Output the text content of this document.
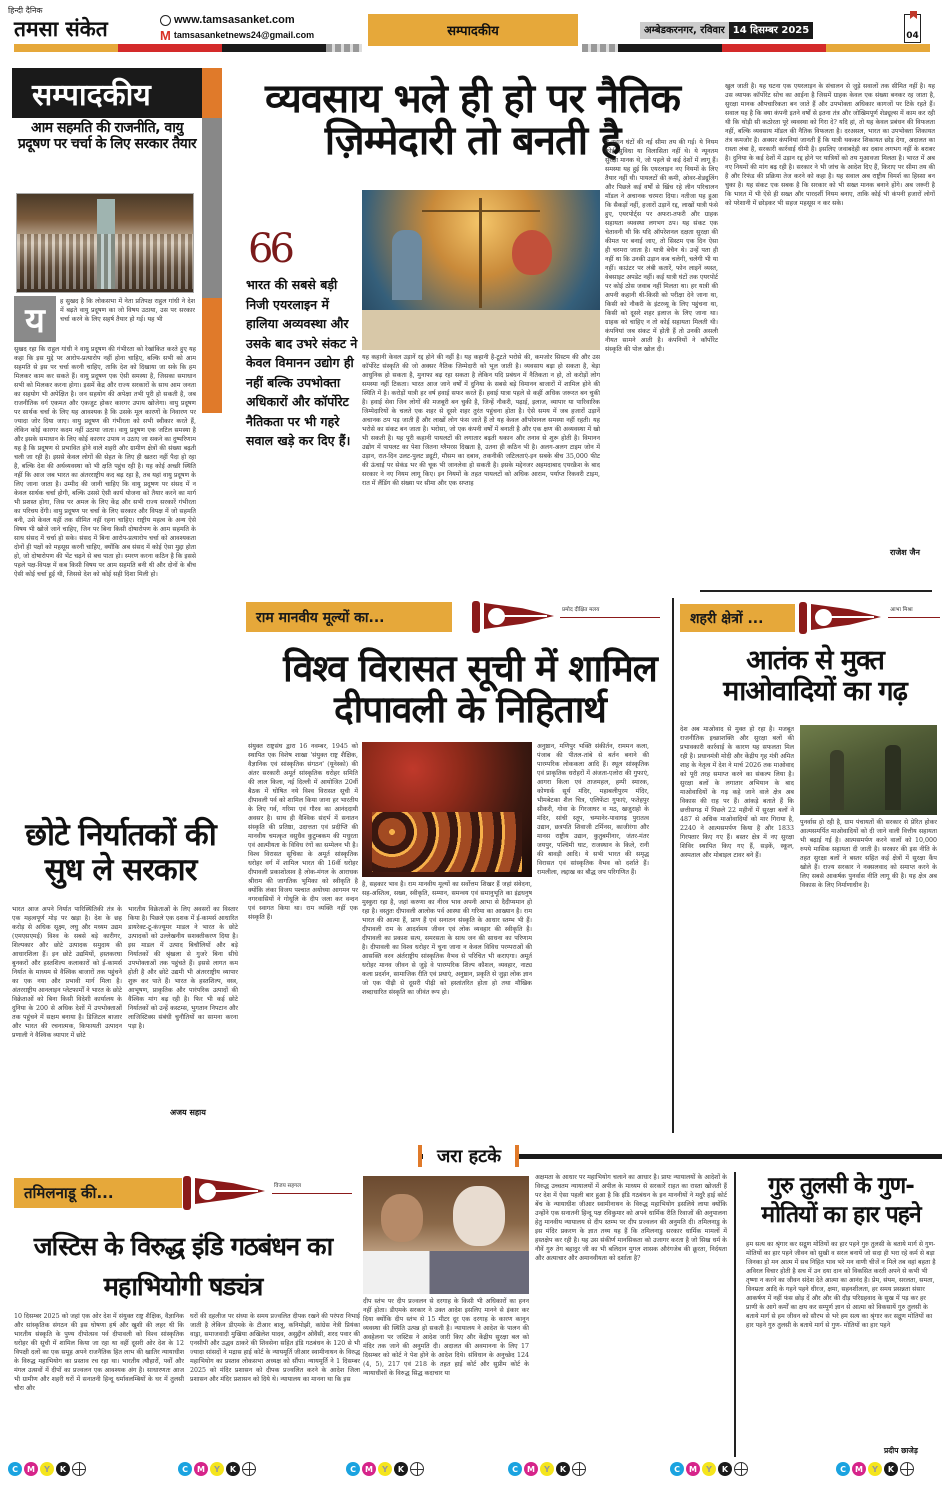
हिन्दी दैनिक
तमसा संकेत	www.tamsasanket.com
M tamsasanketnews24@gmail.com	सम्पादकीय	अम्बेडकरनगर, रविवार 14 दिसम्बर 2025	04
सम्पादकीय
आम सहमति की राजनीति, वायु प्रदूषण पर चर्चा के लिए सरकार तैयार
य	ह सुखद है कि लोकसभा में नेता प्रतिपक्ष राहुल गांधी ने देश में बढ़ते वायु प्रदूषण का जो विषय उठाया, उस पर सरकार चर्चा करने के लिए सहर्ष तैयार हो गई। यह भी
सुखद रहा कि राहुल गांधी ने वायु प्रदूषण की गंभीरता को रेखांकित करते हुए यह कहा कि इस मुद्दे पर आरोप-प्रत्यारोप नहीं होना चाहिए, बल्कि सभी को आम सहमति से इस पर चर्चा करनी चाहिए, ताकि देश को दिखाया जा सके कि हम मिलकर काम कर सकते हैं। वायु प्रदूषण एक ऐसी समस्या है, जिसका समाधान सभी को मिलकर करना होगा। इसमें केंद्र और राज्य सरकारों के साथ आम जनता का सहयोग भी अपेक्षित है। जन सहयोग की अपेक्षा तभी पूरी हो सकती है, जब राजनीतिक वर्ग एकमत और एकजुट होकर कारगर उपाय खोजेगा। वायु प्रदूषण पर सार्थक चर्चा के लिए यह आवश्यक है कि उसके मूल कारणों के निवारण पर ज्यादा जोर दिया जाए। वायु प्रदूषण की गंभीरता को सभी स्वीकार करते हैं, लेकिन कोई कारगर कदम नहीं उठाया जाता। वायु प्रदूषण एक जटिल समस्या है और इसके समाधान के लिए कोई कारगर उपाय न उठाए जा सकने का दुष्परिणाम यह है कि प्रदूषण से प्रभावित होने वाले शहरी और ग्रामीण क्षेत्रों की संख्या बढ़ती चली जा रही है। इससे केवल लोगों की सेहत के लिए ही खतरा नहीं पैदा हो रहा है, बल्कि देश की अर्थव्यवस्था को भी क्षति पहुंच रही है। यह कोई अच्छी स्थिति नहीं कि आज जब भारत का अंतरराष्ट्रीय कद बढ़ रहा है, तब यहां वायु प्रदूषण के लिए जाना जाता है। उम्मीद की जानी चाहिए कि वायु प्रदूषण पर संसद में न केवल सार्थक चर्चा होगी, बल्कि उससे ऐसी कार्य योजना को तैयार करने का मार्ग भी प्रशस्त होगा, जिस पर अमल के लिए केंद्र और सभी राज्य सरकारें गंभीरता का परिचय देंगी। वायु प्रदूषण पर चर्चा के लिए सरकार और विपक्ष में जो सहमति बनी, उसे केवल यहीं तक सीमित नहीं रहना चाहिए। राष्ट्रीय महत्व के अन्य ऐसे विषय भी खोजे जाने चाहिए, जिन पर बिना किसी दोषारोपण के आम सहमति के साथ संसद में चर्चा हो सके। संसद में बिना आरोप-प्रत्यारोप चर्चा को आवश्यकता दोनों ही पक्षों को महसूस करनी चाहिए, क्योंकि अब संसद में कोई ऐसा मुद्दा होता हो, जो दोषारोपण की भेंट चढ़ने से बच पाता हो। स्मरण करना कठिन है कि इससे पहले पक्ष-विपक्ष में कब किसी विषय पर आम सहमति बनी थी और दोनों के बीच ऐसी कोई चर्चा हुई थी, जिससे देश को कोई सही दिशा मिली हो।
छोटे निर्यातकों की सुध ले सरकार
भारत आज अपने निर्यात पारिस्थितिकी तंत्र के एक महत्वपूर्ण मोड़ पर खड़ा है। देश के छह करोड़ से अधिक सूक्ष्म, लघु और मध्यम उद्यम (एमएसएमई) विश्व के सबसे बड़े कारीगर, शिल्पकार और छोटे उत्पादक समुदाय की आधारशिला हैं। इन छोटे उद्यमियों, हस्तकरघा बुनकरों और हस्तशिल्प कलाकारों को ई-कामर्स निर्यात के माध्यम से वैश्विक बाजारों तक पहुंचने का एक नया और प्रभावी मार्ग मिला है। अंतरराष्ट्रीय आनलाइन प्लेटफार्मों ने भारत के छोटे विक्रेताओं को बिना किसी विदेशी कार्यालय के दुनिया के 200 से अधिक देशों में उपभोक्ताओं तक पहुंचने में सक्षम बनाया है। डिजिटल बाजार और भारत की रचनात्मक, किफायती उत्पादन प्रणाली ने वैश्विक व्यापार में छोटे
भारतीय विक्रेताओं के लिए अवसरों का विस्तार किया है। पिछले एक दशक में ई-कामर्स आधारित डायरेक्ट-टू-कंज्यूमर माडल ने भारत के छोटे उत्पादकों को उल्लेखनीय सशक्तीकरण दिया है। इस माडल में उत्पाद बिचौलियों और बड़े निर्यातकों की श्रृंखला से गुजरे बिना सीधे उपभोक्ताओं तक पहुंचते हैं। इससे लागत कम होती है और छोटे उद्यमी भी अंतरराष्ट्रीय व्यापार शुरू कर पाते हैं। भारत के हस्तशिल्प, वस्त्र, आभूषण, प्राकृतिक और पारंपरिक उत्पादों की वैश्विक मांग बढ़ रही है। फिर भी कई छोटे निर्यातकों को उन्हें कस्टम्स, भुगतान निपटान और लाजिस्टिक्स संबंधी चुनौतियों का सामना करना पड़ा है।
अजय सहाय
व्यवसाय भले ही हो पर नैतिक ज़िम्मेदारी तो बनती है
66
भारत की सबसे बड़ी निजी एयरलाइन में हालिया अव्यवस्था और उसके बाद उभरे संकट ने केवल विमानन उद्योग ही नहीं बल्कि उपभोक्ता अधिकारों और कॉर्पोरेट नैतिकता पर भी गहरे सवाल खड़े कर दिए हैं।
यह कहानी केवल उड़ानें रद्द होने की नहीं है। यह कहानी है-टूटते भरोसे की, कमजोर सिस्टम की और उस कॉर्पोरेट संस्कृति की जो अक्सर नैतिक जिम्मेदारी को भूल जाती है। व्यवसाय बढ़ा हो सकता है, बेड़ा आधुनिक हो सकता है, मुनाफा बढ़ रहा सकता है लेकिन यदि प्रबंधन में नैतिकता न हो, तो करोड़ों लोग समस्या नहीं टिकता। भारत आज जाने वर्षों में दुनिया के सबसे बड़े विमानन बाजारों में शामिल होने की स्थिति में है। करोड़ों यात्री हर वर्ष हवाई सफर करते हैं। हवाई यात्रा पहले से कहीं अधिक जरूरत बन चुकी है। हवाई सेवा जिन लोगों की मजबूरी बन चुकी है, जिन्हें नौकरी, पढ़ाई, इलाज, व्यापार या पारिवारिक जिम्मेदारियों के चलते एक शहर से दूसरे शहर तुरंत पहुंचना होता है। ऐसे समय में जब हजारों उड़ानें अचानक ठप पड़ जाती हैं और लाखों लोग फंस जाते हैं तो यह केवल ऑपरेशनल समस्या नहीं रहती। यह भरोसे का संकट बन जाता है। भरोसा, जो एक कंपनी वर्षों में बनाती है और एक क्षण की अव्यवस्था में खो भी सकती है। यह पूरी कहानी पायलटों की लगातार बढ़ती थकान और तनाव से शुरू होती है। विमानन उद्योग में पायलट का पेशा जितना ग्लैमरस दिखता है, उतना ही कठिन भी है। अलग-अलग टाइम जोन में उड़ान, रात-दिन उलट-पुलट ड्यूटी, मौसम का दबाव, तकनीकी जटिलताएं-इन सबके बीच 35,000 फीट की ऊंचाई पर सेकंड भर की चूक भी जानलेवा हो सकती है। इसके मद्देनजर अहमदाबाद एयरक्रैश के बाद सरकार ने नए नियम लागू किए। इन नियमों के तहत पायलटों को अधिक आराम, पर्याप्त रिकवरी टाइम, रात में लैंडिंग की संख्या पर सीमा और एक सप्ताह
में उड़ान घंटों की नई सीमा तय की गई। ये नियम कोई सुविधा या विलासिता नहीं थे। ये न्यूनतम सुरक्षा मानक थे, जो पहले से कई देशों में लागू हैं। समस्या यह हुई कि एयरलाइन नए नियमों के लिए तैयार नहीं थी। पायलटों की कमी, ओवर-शेड्यूलिंग और पिछले कई वर्षों से खिंच रहे लीन परिचालन मॉडल ने अचानक चरमरा दिया। नतीजा यह हुआ कि सैकड़ों नहीं, हजारों उड़ानें रद्द, लाखों यात्री फंसे हुए, एयरपोर्ट्स पर अफरा-तफरी और ग्राहक सहायता व्यवस्था लगभग ठप। यह संकट एक चेतावनी थी कि यदि ऑपरेशनल दक्षता सुरक्षा की कीमत पर बनाई जाए, तो सिस्टम एक दिन ऐसा ही चरमरा जाता है। यात्री बेचैन थे। उन्हें पता ही नहीं था कि उनकी उड़ान कब चलेगी, चलेगी भी या नहीं। काउंटर पर लंबी कतारें, फोन लाइनें व्यस्त, वेबसाइट अपडेट नहीं। कई यात्री घंटों तक एयरपोर्ट पर कोई ठोस जवाब नहीं मिलता था। हर यात्री की अपनी कहानी थी-किसी को परीक्षा देने जाना था, किसी को नौकरी के इंटरव्यू के लिए पहुंचना था, किसी को दूसरे शहर इलाज के लिए जाना था। ग्राहक को चाहिए न तो कोई सहायता मिलती थी। कंपनियां जब संकट में होती हैं तो उनकी असली नीयत सामने आती है। कंपनियों ने कॉर्पोरेट संस्कृति की पोल खोल दी।
खुल जाती है। यह घटना एक एयरलाइन के संचालन से जुड़े सवालों तक सीमित नहीं है। यह उस व्यापक कॉर्पोरेट सोच का आईना है जिसमें ग्राहक केवल एक संख्या बनकर रह जाता है, सुरक्षा मानक औपचारिकता बन जाते हैं और उपभोक्ता अधिकार कागजों पर टिके रहते हैं। सवाल यह है कि क्या कंपनी इतने वर्षों से इतना तंत्र और जोखिमपूर्ण शेड्यूल्स में काम कर रही थी कि थोड़ी सी कठोरता पूरे व्यवस्था को गिरा दे? यदि हां, तो यह केवल प्रबंधन की विफलता नहीं, बल्कि व्यवसाय मॉडल की नैतिक विफलता है। दरअसल, भारत का उपभोक्ता शिकायत तंत्र कमजोर है। अक्सर कंपनियां जानती हैं कि यात्री थककर शिकायत छोड़ देगा, अदालत का रास्ता लंबा है, सरकारी कार्रवाई धीमी है। इसलिए जवाबदेही का दबाव लगभग नहीं के बराबर है। दुनिया के कई देशों में उड़ान रद्द होने पर यात्रियों को तय मुआवजा मिलता है। भारत में अब नए नियमों की मांग बढ़ रही है। सरकार ने भी जांच के आदेश दिए हैं, किराए पर सीमा तय की है और रिफंड की प्रक्रिया तेज करने को कहा है। यह सवाल अब राष्ट्रीय विमर्श का हिस्सा बन चुका है। यह संकट एक सबक है कि सरकार को भी सख्त मानक बनाने होंगे। अब जरूरी है कि भारत में भी ऐसे ही सख्त और पारदर्शी नियम बनाए, ताकि कोई भी कंपनी हजारों लोगों को परेशानी में छोड़कर भी सहज महसूस न कर सके।
राजेश जैन
राम मानवीय मूल्यों का...	प्रमोद दीक्षित मलय
विश्व विरासत सूची में शामिल दीपावली के निहितार्थ
संयुक्त राष्ट्रसंघ द्वारा 16 नवम्बर, 1945 को स्थापित एक विशेष शाखा 'संयुक्त राष्ट्र शैक्षिक, वैज्ञानिक एवं सांस्कृतिक संगठन' (यूनेस्को) की अंतर सरकारी अमूर्त सांस्कृतिक धरोहर समिति की लाल किला, नई दिल्ली में आयोजित 20वीं बैठक में घोषित नये विश्व विरासत सूची में दीपावली पर्व को शामिल किया जाना हर भारतीय के लिए गर्व, गरिमा एवं गौरव का आनंददायी अवसर है। साथ ही वैश्विक संदर्भ में सनातन संस्कृति की प्रतिष्ठा, उदात्तता एवं प्रदीप्ति की मानवीय चमत्कृत वसुधैव कुटुम्बकम की मधुरता एवं आत्मीयता के विविध रंगों का सम्मेलन भी है। विश्व विरासत सूचिका के अमूर्त सांस्कृतिक धरोहर वर्ग में शामिल भारत की 16वीं धरोहर दीपावली प्रकाशोत्सव है लोक-मंगल के आराधक श्रीराम की जागतिक भूमिका को स्वीकृति है क्योंकि लंका विजय पश्चात अयोध्या आगमन पर नगरवासियों ने गोधूलि के दीप जला कर वन्दन एवं स्वागत किया था। राम व्यक्ति नहीं एक संस्कृति हैं।
है, सहकार भाव है। राम मानवीय मूल्यों का सर्वोत्तम शिखर हैं जहां संवेदना, सह-अस्तित्व, सख्य, स्वीकृति, सम्मान, समन्वय एवं समानुभूति का इंद्रधनुष मुस्कुरा रहा है, जहां करुणा का नीरव भाव अपनी आभा से दैदीप्यमान हो रहा है। वस्तुतः दीपावली आलोक पर्व आस्था की गरिमा का आख्यान है। राम भारत की आत्मा हैं, प्राण हैं एवं सनातन संस्कृति के आधार स्तम्भ भी हैं। दीपावली राम के आदर्शमय जीवन एवं लोक व्यवहार की स्वीकृति है। दीपावली का प्रकाश सत्य, समरसता के साथ जन की साधना का परिणाम है। दीपावली का विश्व धरोहर में चुना जाना न केवल विविध परम्पराओं की आसक्ति वरन अंर्तराष्ट्रीय सांस्कृतिक वैभव से परिचित भी कराएगा। अमूर्त धरोहर मानव जीवन से जुड़े वे पारम्परिक शिल्प कौशल, व्यवहार, नाट्य कला प्रदर्शन, सामाजिक रीति एवं प्रथाएं, अनुष्ठान, प्रकृति से जुड़ा लोक ज्ञान जो एक पीढ़ी से दूसरी पीढ़ी को हस्तांतरित होता हो तथा मौखिक शब्दाधारित संस्कृति का जीवंत रूप हो।
अनुष्ठान, मणिपुर भक्ति संकीर्तन, राममन कला, पंजाब की पीतल-तांबे से बर्तन बनाने की पारम्परिक लोककला आदि हैं। स्थूल सांस्कृतिक एवं प्राकृतिक धरोहरों में अंजता-एलोरा की गुफाएं, आगरा किला एवं ताजमहल, हम्पी स्मारक, कोणार्क सूर्य मंदिर, महाबलीपुरम मंदिर, भीमबेटका शैल चित्र, एलिफेंटा गुफाएं, फतेहपुर सीकरी, गोवा के गिरजाघर व मठ, खजुराहो के मंदिर, सांची स्तूप, चम्पानेर-पावागढ़ पुरातत्व उद्यान, छत्रपति शिवाजी टर्मिनस, काजीरंगा और मानस राष्ट्रीय उद्यान, कुतुबमीनार, जंतर-मंतर जयपुर, पश्चिमी घाट, राजस्थान के किले, रानी की बावड़ी आदि। ये सभी भारत की समृद्ध विरासत एवं सांस्कृतिक वैभव को दर्शाते हैं। रामलीला, लद्दाख का बौद्ध जप परिगणित हैं।
शहरी क्षेत्रों ...
आभा मिश्रा
आतंक से मुक्त माओवादियों का गढ़
देश अब माओवाद से मुक्त हो रहा है। मजबूत राजनीतिक इच्छाशक्ति और सुरक्षा बलों की प्रभावकारी कार्रवाई के कारण यह सफलता मिल रही है। प्रधानमंत्री मोदी और केंद्रीय गृह मंत्री अमित शाह के नेतृत्व में देश ने मार्च 2026 तक माओवाद को पूरी तरह समाप्त करने का संकल्प लिया है। सुरक्षा बलों के लगातार अभियान के बाद माओवादियों के गढ़ कहे जाने वाले क्षेत्र अब विकास की राह पर हैं। आंकड़े बताते हैं कि छत्तीसगढ़ में पिछले 22 महीनों में सुरक्षा बलों ने 487 से अधिक माओवादियों को मार गिराया है, 2240 ने आत्मसमर्पण किया है और 1833 गिरफ्तार किए गए हैं। बस्तर क्षेत्र में नए सुरक्षा शिविर स्थापित किए गए हैं, सड़कें, स्कूल, अस्पताल और मोबाइल टावर बने हैं।
पुनर्वास हो रही है, ग्राम पंचायतों की सरकार से प्रेरित होकर आत्मसमर्पित माओवादियों को दी जाने वाली वित्तीय सहायता भी बढ़ाई गई है। आत्मसमर्पण करने वालों को 10,000 रुपये मासिक सहायता दी जाती है। सरकार की इस नीति के तहत सुरक्षा बलों ने बस्तर सहित कई क्षेत्रों में सुरक्षा कैंप खोले हैं। राज्य सरकार ने नक्सलवाद को समाप्त करने के लिए सबसे आकर्षक पुनर्वास नीति लागू की है। यह क्षेत्र अब विकास के लिए निर्माणाधीन है।
जरा हटके
तमिलनाडू की...	विजय सहगल
जस्टिस के विरुद्ध इंडि गठबंधन का महाभियोगी षड्यंत्र
10 दिसम्बर 2025 को जहां एक ओर देश में संयुक्त राष्ट्र शैक्षिक, वैज्ञानिक और सांस्कृतिक संगठन की इस घोषणा हर्ष और खुशी की लहर थी कि भारतीय संस्कृति के पुण्य दीपोत्सव पर्व दीपावली को विश्व सांस्कृतिक धरोहर की सूची में शामिल किया जा रहा था वहीं दूसरी ओर देश के 12 विपक्षी दलों का एक समूह अपने राजनैतिक हित लाभ की खातिर न्यायाधीश के विरुद्ध महाभियोग का प्रस्ताव रच रहा था। भारतीय त्यौहारों, पर्वों और मंगल उत्सवों में दीपों का प्रज्वलन एक आवश्यक अंग है। साधारणतः आज भी ग्रामीण और शहरी घरों में सनातनी हिन्दू धर्मावलम्बियों के घर में तुलसी चौरा और
घरों की दहलीज पर संध्या के समय प्रज्वलित दीपक रखने की परंपरा निभाई जाती है लेकिन डीएमके के टीआर बालू, कनिमोझी, कांग्रेस नेत्री प्रियंका वाड्रा, समाजवादी मुखिया अखिलेश यादव, असुद्दीन ओवैसी, शरद पवार की एनसीपी और उद्धव ठाकरे की शिवसेना सहित इंडि गठबंधन के 120 से भी ज्यादा सांसदों ने मद्रास हाई कोर्ट के न्यायमूर्ति जीआर स्वामीनाथन के विरुद्ध महाभियोग का प्रस्ताव लोकसभा अध्यक्ष को सौंपा। न्यायमूर्ति ने 1 दिसम्बर 2025 को मंदिर प्रशासन को दीपक प्रज्वलित करने के आदेश जिला प्रशासन और मंदिर प्रशासन को दिये थे। न्यायालय का मानना था कि इस
दीप स्तंभ पर दीप प्रज्वलन से दरगाह के किसी भी अधिकारों का हनन नहीं होता। डीएमके सरकार ने उक्त आदेश इसलिए मानने से इंकार कर दिया क्योंकि दीप स्तंभ से 15 मीटर दूर एक दरगाह के कारण कानून व्यवस्था की स्थिति उत्पन्न हो सकती है। न्यायालय ने आदेश के पालन की अवहेलना पर जस्टिस ने आदेश जारी किए और केंद्रीय सुरक्षा बल को मंदिर तक जाने की अनुमति दी। अदालत की अवमानना के लिए 17 दिसम्बर को कोर्ट ने पेश होने के आदेश दिये। संविधान के अनुच्छेद 124 (4, 5), 217 एवं 218 के तहत हाई कोर्ट और सुप्रीम कोर्ट के न्यायाधीशों के विरुद्ध सिद्ध कदाचार या
अक्षमता के आधार पर महाभियोग चलाने का आधार है। प्रायः न्यायालयों के आदेशों के विरुद्ध उच्चतम न्यायालयों में अपील के माध्यम से सरकारें राहत का रास्ता खोजती हैं पर देश में ऐसा पहली बार हुआ है कि इंडि गठबंधन के इन माननीयों ने मदुरै हाई कोर्ट बेंच के न्यायाधीश जीआर स्वामीनाथन के विरुद्ध महाभियोग इसलिये लाया क्योंकि उन्होंने एक सनातनी हिन्दू पक्ष रविकुमार को अपने धार्मिक रीति रिवाजों की अनुपालना हेतु मानवीय न्यायालय से दीप स्तम्भ पर दीप प्रज्वलन की अनुमति दी। तमिलनाडु के इस मंदिर प्रकरण के ज्ञात तथ्य यह हैं कि तमिलनाडु सरकार धार्मिक मामलों में हस्तक्षेप कर रही है। यह उस संकीर्ण मानसिकता को उजागर करता है जो सिख धर्म के नौवें गुरु तेग बहादुर जी का भी बलिदान मुगल शासक औरंगजेब की क्रूरता, निर्दयता और अत्याचार और अमानवीयता को दर्शाता है?
गुरु तुलसी के गुण-मोतियों का हार पहने
हम सत्य का श्रृंगार कर सद्गुण मोतियों का हार पहने गुरु तुलसी के बताये मार्ग से गुण- मोतियों का हार पहने जीवन को सुखी व सरल बनायें जो सदा ही भरा रहे कर्म से बड़ा जिनका हो मन आत्म में सब निहित भाव भरे मन वाणी चीजें न मिले तब वहां बहता है अविरल विचार होती है सच में उन दया दान को विकसित करती अपने से कभी भी तृष्णा न करने का जीवन संदेश देते आत्मा का आनंद है। प्रेम, संयम, सरलता, समता, विनम्रता आदि के गहने पहने धीरज, क्षमा, सहनशीलता, हर समय प्रसन्नता संसार आकर्षण में नहीं फंस छोड़ दें और और की दौड़ परिग्रहवाद के सुख में पड़ कर हर प्राणी के आगे कर्मों का क्षय कर सम्पूर्ण ज्ञान से आत्मा को विकसायें गुरु तुलसी के बताये मार्ग से हम जीवन को सौरभ से भरे हम सत्य का श्रृंगार कर सद्गुण मोतियों का हार पहने गुरु तुलसी के बताये मार्ग से गुण- मोतियों का हार पहने
प्रदीप छाजेड़
C	M	Y	K	C	M	Y	K	C	M	Y	K	C	M	Y	K	C	M	Y	K	C	M	Y	K
